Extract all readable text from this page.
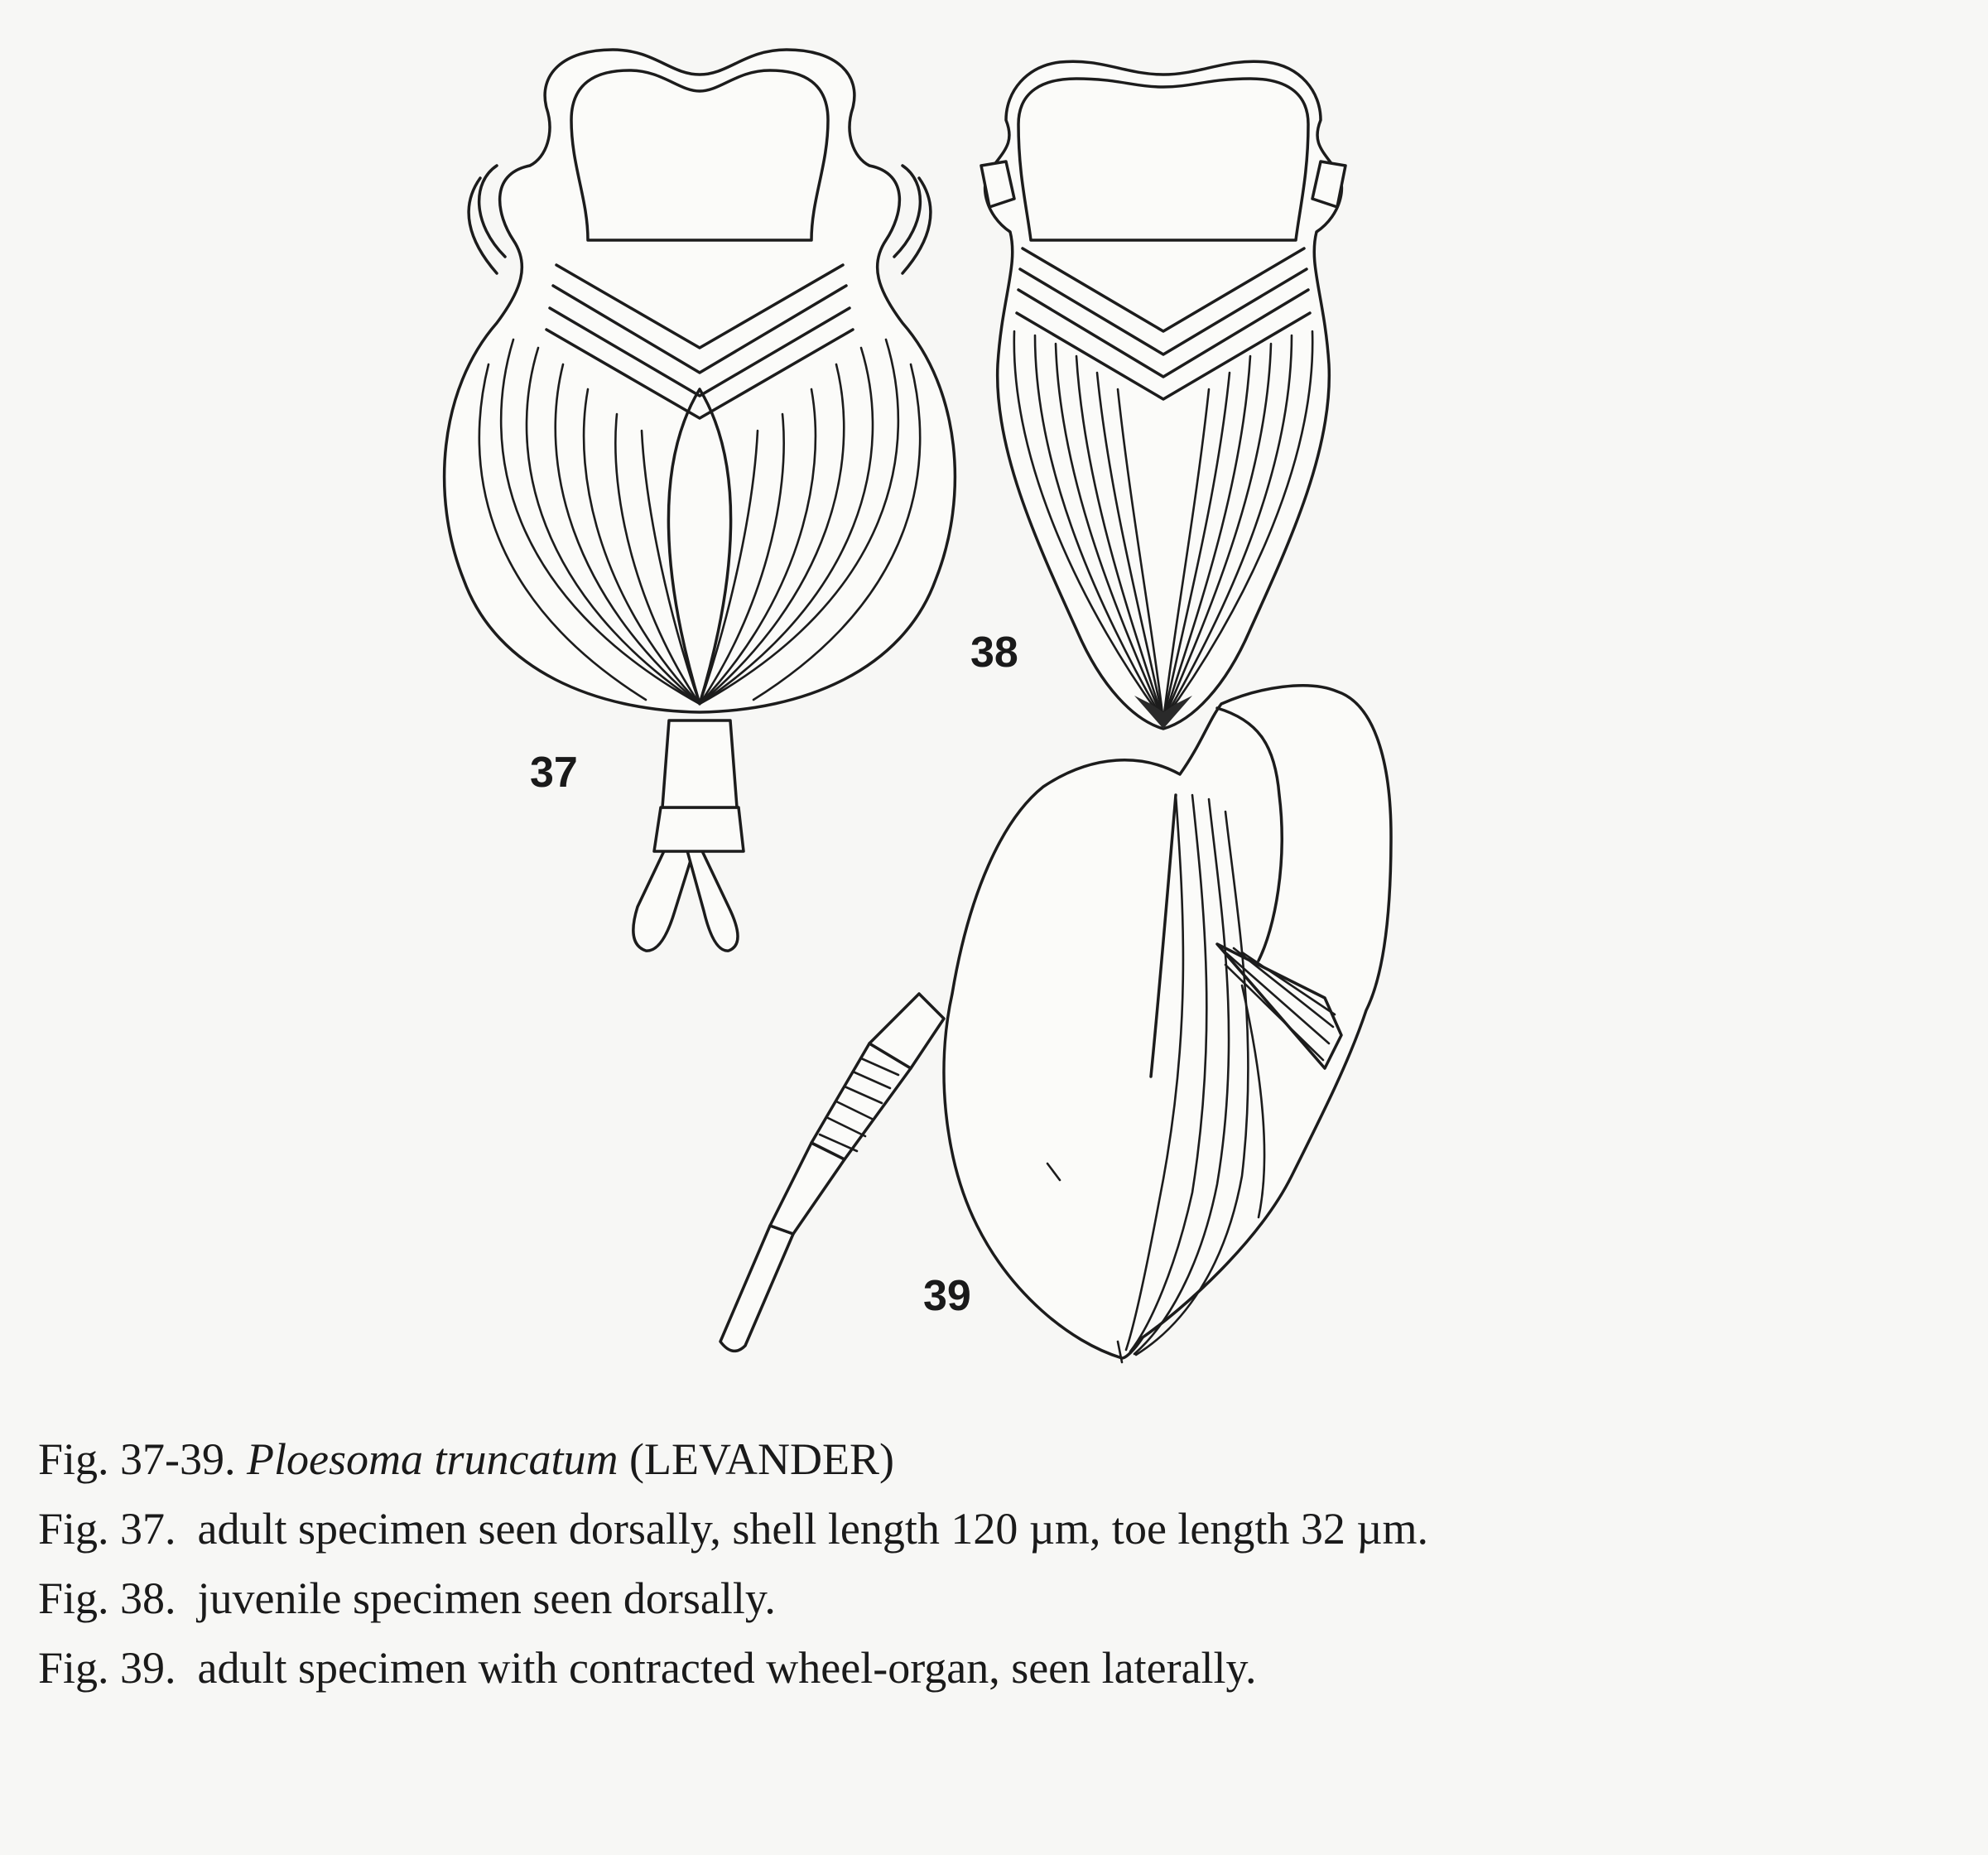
37
38
39
Fig. 37-39. Ploesoma truncatum (LEVANDER)
Fig. 37. adult specimen seen dorsally, shell length 120 µm, toe length 32 µm.
Fig. 38. juvenile specimen seen dorsally.
Fig. 39. adult specimen with contracted wheel-organ, seen laterally.
